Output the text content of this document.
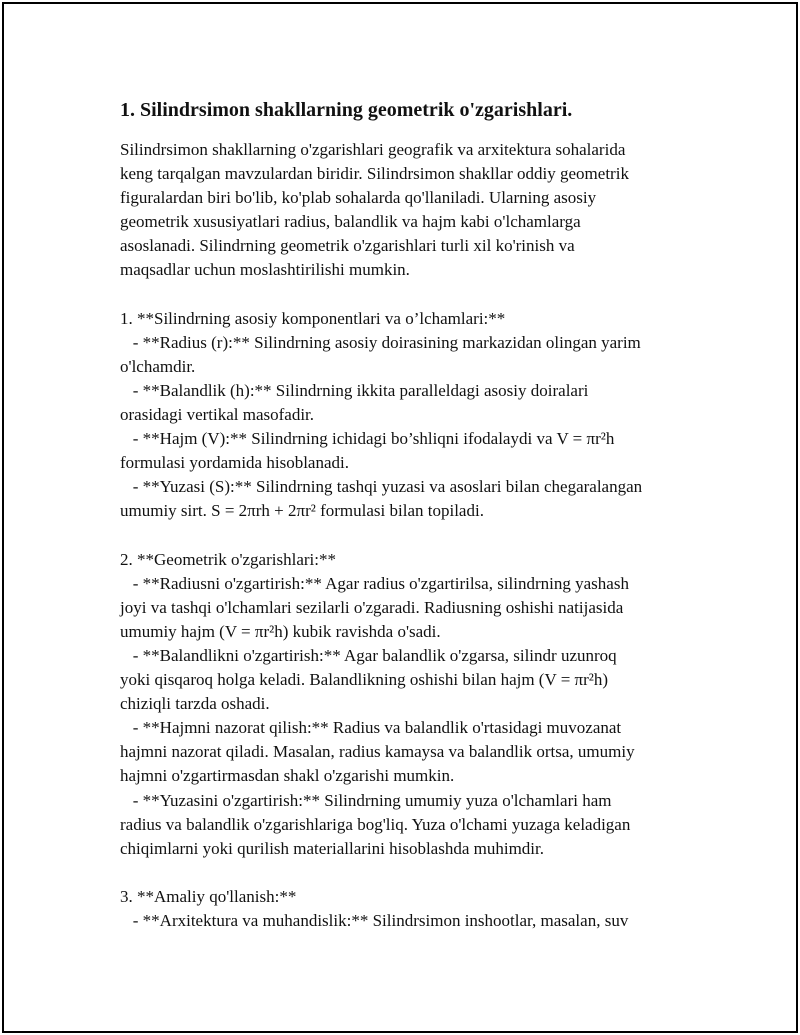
1. Silindrsimon shakllarning geometrik o'zgarishlari.
Silindrsimon shakllarning o'zgarishlari geografik va arxitektura sohalarida
keng tarqalgan mavzulardan biridir. Silindrsimon shakllar oddiy geometrik
figuralardan biri bo'lib, ko'plab sohalarda qo'llaniladi. Ularning asosiy
geometrik xususiyatlari radius, balandlik va hajm kabi o'lchamlarga
asoslanadi. Silindrning geometrik o'zgarishlari turli xil ko'rinish va
maqsadlar uchun moslashtirilishi mumkin.
1. **Silindrning asosiy komponentlari va o’lchamlari:**
- **Radius (r):** Silindrning asosiy doirasining markazidan olingan yarim
o'lchamdir.
- **Balandlik (h):** Silindrning ikkita paralleldagi asosiy doiralari
orasidagi vertikal masofadir.
- **Hajm (V):** Silindrning ichidagi bo’shliqni ifodalaydi va V = πr²h
formulasi yordamida hisoblanadi.
- **Yuzasi (S):** Silindrning tashqi yuzasi va asoslari bilan chegaralangan
umumiy sirt. S = 2πrh + 2πr² formulasi bilan topiladi.
2. **Geometrik o'zgarishlari:**
- **Radiusni o'zgartirish:** Agar radius o'zgartirilsa, silindrning yashash
joyi va tashqi o'lchamlari sezilarli o'zgaradi. Radiusning oshishi natijasida
umumiy hajm (V = πr²h) kubik ravishda o'sadi.
- **Balandlikni o'zgartirish:** Agar balandlik o'zgarsa, silindr uzunroq
yoki qisqaroq holga keladi. Balandlikning oshishi bilan hajm (V = πr²h)
chiziqli tarzda oshadi.
- **Hajmni nazorat qilish:** Radius va balandlik o'rtasidagi muvozanat
hajmni nazorat qiladi. Masalan, radius kamaysa va balandlik ortsa, umumiy
hajmni o'zgartirmasdan shakl o'zgarishi mumkin.
- **Yuzasini o'zgartirish:** Silindrning umumiy yuza o'lchamlari ham
radius va balandlik o'zgarishlariga bog'liq. Yuza o'lchami yuzaga keladigan
chiqimlarni yoki qurilish materiallarini hisoblashda muhimdir.
3. **Amaliy qo'llanish:**
- **Arxitektura va muhandislik:** Silindrsimon inshootlar, masalan, suv
